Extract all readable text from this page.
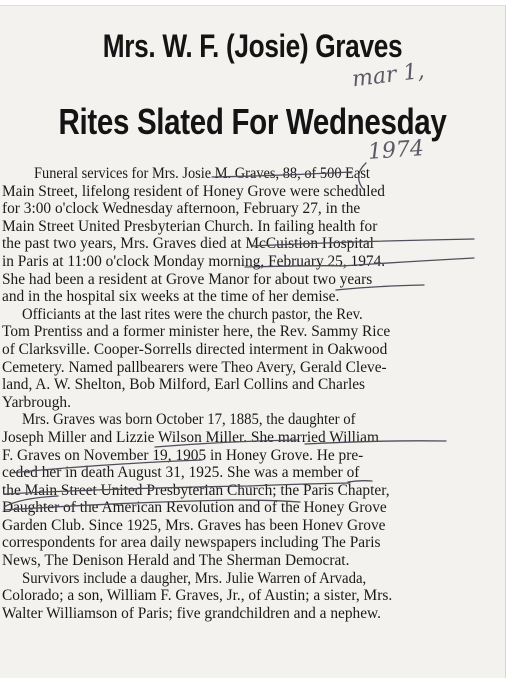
Mrs. W. F. (Josie) Graves
Rites Slated For Wednesday
mar 1,
1974
Funeral services for Mrs. Josie M. Graves, 88, of 500 East
Main Street, lifelong resident of Honey Grove were scheduled
for 3:00 o'clock Wednesday afternoon, February 27, in the
Main Street United Presbyterian Church. In failing health for
the past two years, Mrs. Graves died at McCuistion Hospital
in Paris at 11:00 o'clock Monday morning, February 25, 1974.
She had been a resident at Grove Manor for about two years
and in the hospital six weeks at the time of her demise.
Officiants at the last rites were the church pastor, the Rev.
Tom Prentiss and a former minister here, the Rev. Sammy Rice
of Clarksville. Cooper-Sorrells directed interment in Oakwood
Cemetery. Named pallbearers were Theo Avery, Gerald Cleve-
land, A. W. Shelton, Bob Milford, Earl Collins and Charles
Yarbrough.
Mrs. Graves was born October 17, 1885, the daughter of
Joseph Miller and Lizzie Wilson Miller. She married William
F. Graves on November 19, 1905 in Honey Grove. He pre-
ceded her in death August 31, 1925. She was a member of
the Main Street United Presbyterian Church; the Paris Chapter,
Daughter of the American Revolution and of the Honey Grove
Garden Club. Since 1925, Mrs. Graves has been Honev Grove
correspondents for area daily newspapers including The Paris
News, The Denison Herald and The Sherman Democrat.
Survivors include a daugher, Mrs. Julie Warren of Arvada,
Colorado; a son, William F. Graves, Jr., of Austin; a sister, Mrs.
Walter Williamson of Paris; five grandchildren and a nephew.
